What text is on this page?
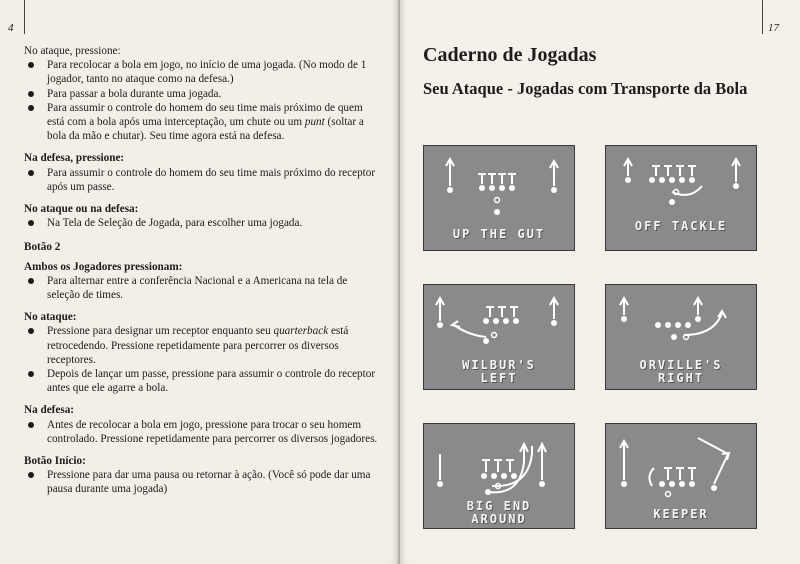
4

No ataque, pressione:

Para recolocar a bola em jogo, no início de uma jogada. (No modo de 1 jogador, tanto no ataque como na defesa.)
Para passar a bola durante uma jogada.
Para assumir o controle do homem do seu time mais próximo de quem está com a bola após uma interceptação, um chute ou um punt (soltar a bola da mão e chutar). Seu time agora está na defesa.

Na defesa, pressione:

Para assumir o controle do homem do seu time mais próximo do receptor após um passe.

No ataque ou na defesa:

Na Tela de Seleção de Jogada, para escolher uma jogada.

Botão 2

Ambos os Jogadores pressionam:

Para alternar entre a conferência Nacional e a Americana na tela de seleção de times.

No ataque:

Pressione para designar um receptor enquanto seu quarterback está retrocedendo. Pressione repetidamente para percorrer os diversos receptores.
Depois de lançar um passe, pressione para assumir o controle do receptor antes que ele agarre a bola.

Na defesa:

Antes de recolocar a bola em jogo, pressione para trocar o seu homem controlado. Pressione repetidamente para percorrer os diversos jogadores.

Botão Início:

Pressione para dar uma pausa ou retornar à ação. (Você só pode dar uma pausa durante uma jogada)
17
Caderno de Jogadas
Seu Ataque - Jogadas com Transporte da Bola
UP THE GUT
OFF TACKLE
WILBUR'S
LEFT
ORVILLE'S
RIGHT
BIG END
AROUND	KEEPER
